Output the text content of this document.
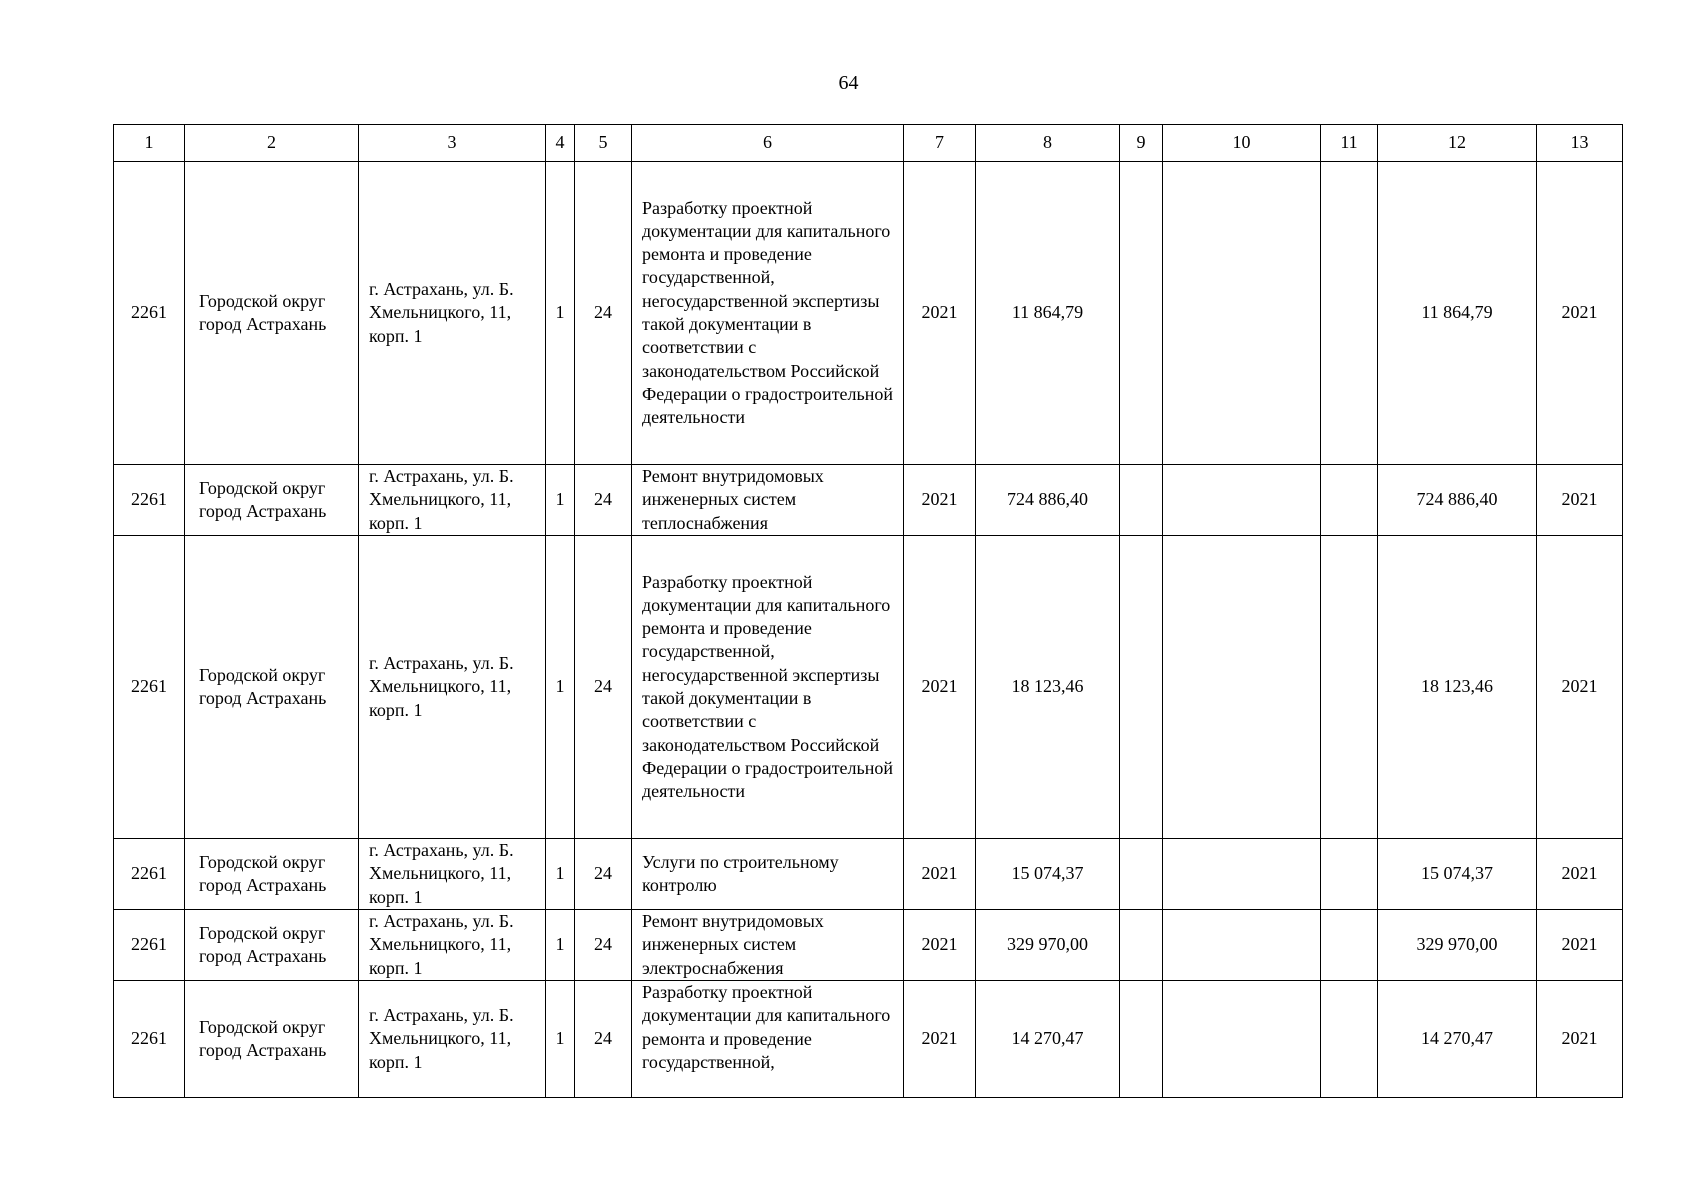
64
1	2	3	4	5	6	7	8	9	10	11	12	13
2261	Городской округ город Астрахань	г. Астрахань, ул. Б. Хмельницкого, 11, корп. 1	1	24	Разработку проектной документации для капитального ремонта и проведение государственной, негосударственной экспертизы такой документации в соответствии с законодательством Российской Федерации о градостроительной деятельности	2021	11 864,79				11 864,79	2021
2261	Городской округ город Астрахань	г. Астрахань, ул. Б. Хмельницкого, 11, корп. 1	1	24	Ремонт внутридомовых инженерных систем теплоснабжения	2021	724 886,40				724 886,40	2021
2261	Городской округ город Астрахань	г. Астрахань, ул. Б. Хмельницкого, 11, корп. 1	1	24	Разработку проектной документации для капитального ремонта и проведение государственной, негосударственной экспертизы такой документации в соответствии с законодательством Российской Федерации о градостроительной деятельности	2021	18 123,46				18 123,46	2021
2261	Городской округ город Астрахань	г. Астрахань, ул. Б. Хмельницкого, 11, корп. 1	1	24	Услуги по строительному контролю	2021	15 074,37				15 074,37	2021
2261	Городской округ город Астрахань	г. Астрахань, ул. Б. Хмельницкого, 11, корп. 1	1	24	Ремонт внутридомовых инженерных систем электроснабжения	2021	329 970,00				329 970,00	2021
2261	Городской округ город Астрахань	г. Астрахань, ул. Б. Хмельницкого, 11, корп. 1	1	24	Разработку проектной документации для капитального ремонта и проведение государственной,	2021	14 270,47				14 270,47	2021
